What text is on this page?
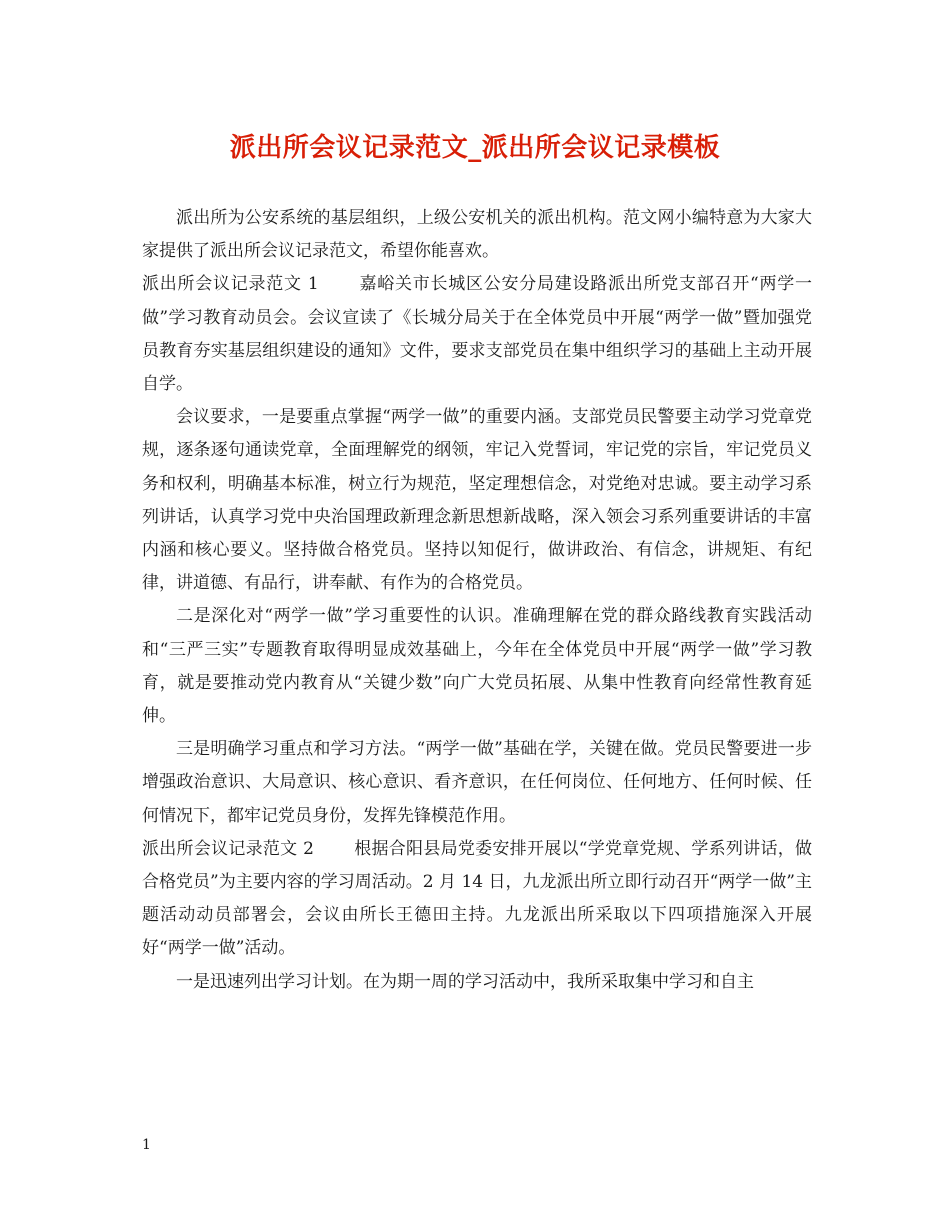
派出所会议记录范文_派出所会议记录模板

派出所为公安系统的基层组织，上级公安机关的派出机构。范文网小编特意为大家大家提供了派出所会议记录范文，希望你能喜欢。

派出所会议记录范文 1 嘉峪关市长城区公安分局建设路派出所党支部召开“两学一做”学习教育动员会。会议宣读了《长城分局关于在全体党员中开展“两学一做”暨加强党员教育夯实基层组织建设的通知》文件，要求支部党员在集中组织学习的基础上主动开展自学。

会议要求，一是要重点掌握“两学一做”的重要内涵。支部党员民警要主动学习党章党规，逐条逐句通读党章，全面理解党的纲领，牢记入党誓词，牢记党的宗旨，牢记党员义务和权利，明确基本标准，树立行为规范，坚定理想信念，对党绝对忠诚。要主动学习系列讲话，认真学习党中央治国理政新理念新思想新战略，深入领会习系列重要讲话的丰富内涵和核心要义。坚持做合格党员。坚持以知促行，做讲政治、有信念，讲规矩、有纪律，讲道德、有品行，讲奉献、有作为的合格党员。

二是深化对“两学一做”学习重要性的认识。准确理解在党的群众路线教育实践活动和“三严三实”专题教育取得明显成效基础上，今年在全体党员中开展“两学一做”学习教育，就是要推动党内教育从“关键少数”向广大党员拓展、从集中性教育向经常性教育延伸。

三是明确学习重点和学习方法。“两学一做”基础在学，关键在做。党员民警要进一步增强政治意识、大局意识、核心意识、看齐意识，在任何岗位、任何地方、任何时候、任何情况下，都牢记党员身份，发挥先锋模范作用。

派出所会议记录范文 2 根据合阳县局党委安排开展以“学党章党规、学系列讲话，做合格党员”为主要内容的学习周活动。2 月 14 日，九龙派出所立即行动召开“两学一做”主题活动动员部署会，会议由所长王德田主持。九龙派出所采取以下四项措施深入开展好“两学一做”活动。

一是迅速列出学习计划。在为期一周的学习活动中，我所采取集中学习和自主

1
